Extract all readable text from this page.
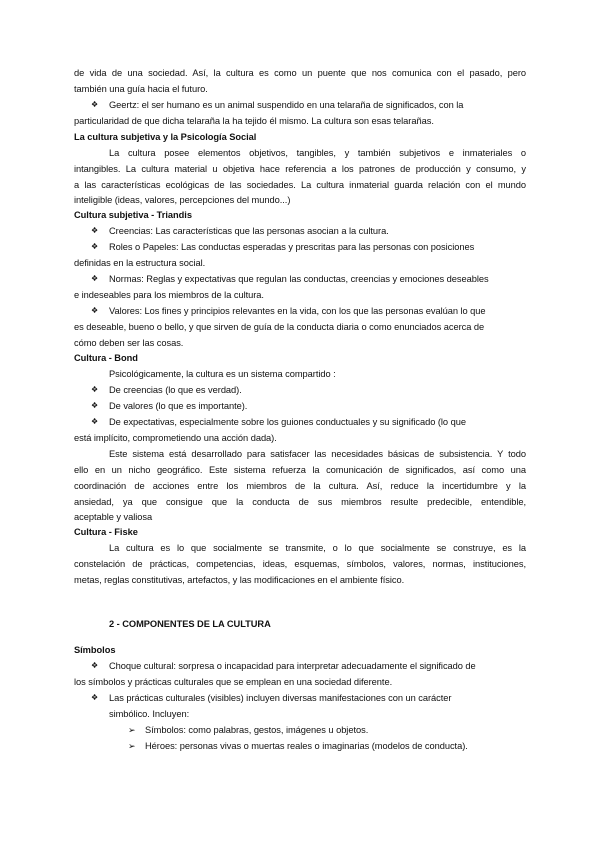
de vida de una sociedad. Así, la cultura es como un puente que nos comunica con el pasado, pero
también una guía hacia el futuro.
❖ Geertz: el ser humano es un animal suspendido en una telaraña de significados, con la
particularidad de que dicha telaraña la ha tejido él mismo. La cultura son esas telarañas.
La cultura subjetiva y la Psicología Social
La cultura posee elementos objetivos, tangibles, y también subjetivos e inmateriales o
intangibles. La cultura material u objetiva hace referencia a los patrones de producción y consumo, y
a las características ecológicas de las sociedades. La cultura inmaterial guarda relación con el mundo
inteligible (ideas, valores, percepciones del mundo...)
Cultura subjetiva - Triandis
❖ Creencias: Las características que las personas asocian a la cultura.
❖ Roles o Papeles: Las conductas esperadas y prescritas para las personas con posiciones
definidas en la estructura social.
❖ Normas: Reglas y expectativas que regulan las conductas, creencias y emociones deseables
e indeseables para los miembros de la cultura.
❖ Valores: Los fines y principios relevantes en la vida, con los que las personas evalúan lo que
es deseable, bueno o bello, y que sirven de guía de la conducta diaria o como enunciados acerca de
cómo deben ser las cosas.
Cultura - Bond
Psicológicamente, la cultura es un sistema compartido :
❖ De creencias (lo que es verdad).
❖ De valores (lo que es importante).
❖ De expectativas, especialmente sobre los guiones conductuales y su significado (lo que
está implícito, comprometiendo una acción dada).
Este sistema está desarrollado para satisfacer las necesidades básicas de subsistencia. Y todo
ello en un nicho geográfico. Este sistema refuerza la comunicación de significados, así como una
coordinación de acciones entre los miembros de la cultura. Así, reduce la incertidumbre y la
ansiedad, ya que consigue que la conducta de sus miembros resulte predecible, entendible,
aceptable y valiosa
Cultura - Fiske
La cultura es lo que socialmente se transmite, o lo que socialmente se construye, es la
constelación de prácticas, competencias, ideas, esquemas, símbolos, valores, normas, instituciones,
metas, reglas constitutivas, artefactos, y las modificaciones en el ambiente físico.
2 - COMPONENTES DE LA CULTURA
Símbolos
❖ Choque cultural: sorpresa o incapacidad para interpretar adecuadamente el significado de
los símbolos y prácticas culturales que se emplean en una sociedad diferente.
❖ Las prácticas culturales (visibles) incluyen diversas manifestaciones con un carácter
simbólico. Incluyen:
➢ Símbolos: como palabras, gestos, imágenes u objetos.
➢ Héroes: personas vivas o muertas reales o imaginarias (modelos de conducta).
